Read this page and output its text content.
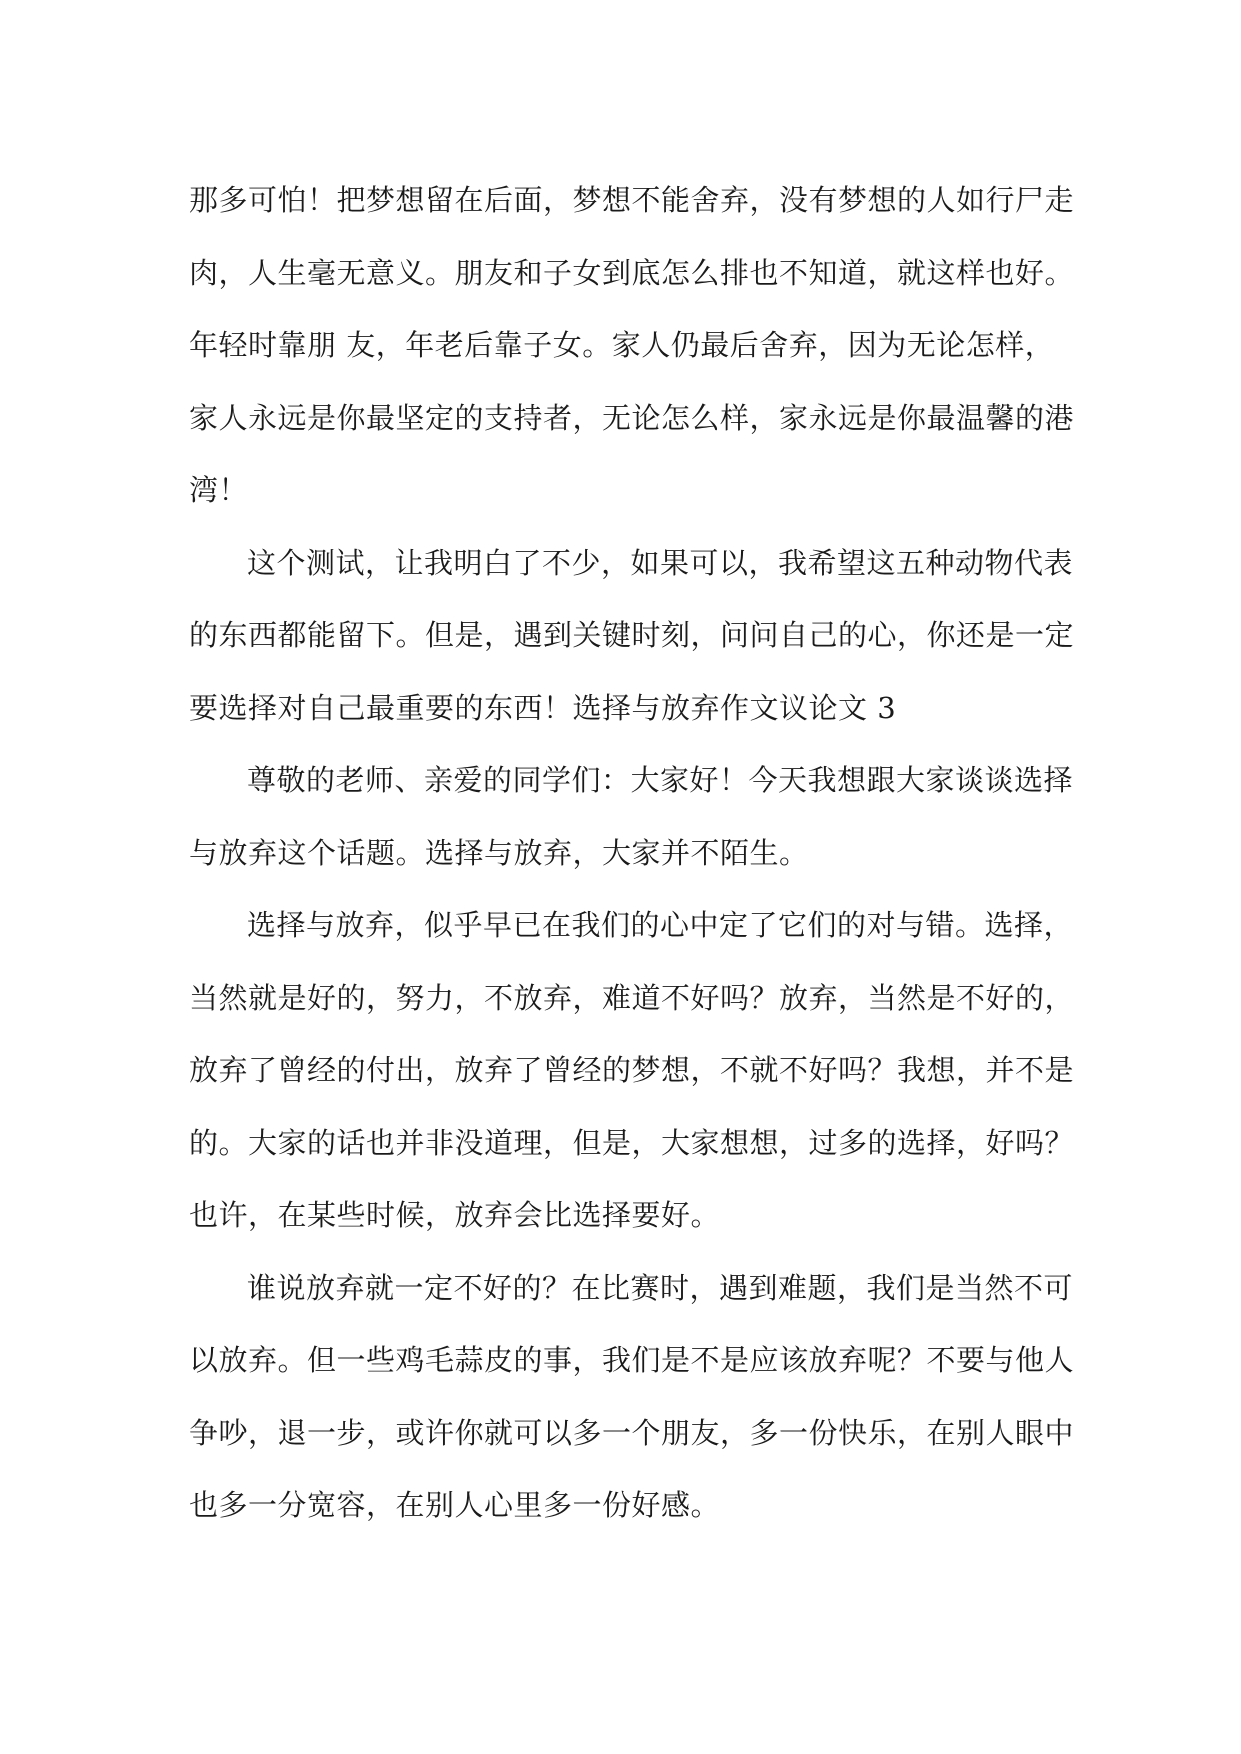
那多可怕！把梦想留在后面，梦想不能舍弃，没有梦想的人如行尸走
肉，人生毫无意义。朋友和子女到底怎么排也不知道，就这样也好。
年轻时靠朋 友，年老后靠子女。家人仍最后舍弃，因为无论怎样，
家人永远是你最坚定的支持者，无论怎么样，家永远是你最温馨的港
湾！
这个测试，让我明白了不少，如果可以，我希望这五种动物代表
的东西都能留下。但是，遇到关键时刻，问问自己的心，你还是一定
要选择对自己最重要的东西！选择与放弃作文议论文 3
尊敬的老师、亲爱的同学们：大家好！今天我想跟大家谈谈选择
与放弃这个话题。选择与放弃，大家并不陌生。
选择与放弃，似乎早已在我们的心中定了它们的对与错。选择，
当然就是好的，努力，不放弃，难道不好吗？放弃，当然是不好的，
放弃了曾经的付出，放弃了曾经的梦想，不就不好吗？我想，并不是
的。大家的话也并非没道理，但是，大家想想，过多的选择，好吗？
也许，在某些时候，放弃会比选择要好。
谁说放弃就一定不好的？在比赛时，遇到难题，我们是当然不可
以放弃。但一些鸡毛蒜皮的事，我们是不是应该放弃呢？不要与他人
争吵，退一步，或许你就可以多一个朋友，多一份快乐，在别人眼中
也多一分宽容，在别人心里多一份好感。
